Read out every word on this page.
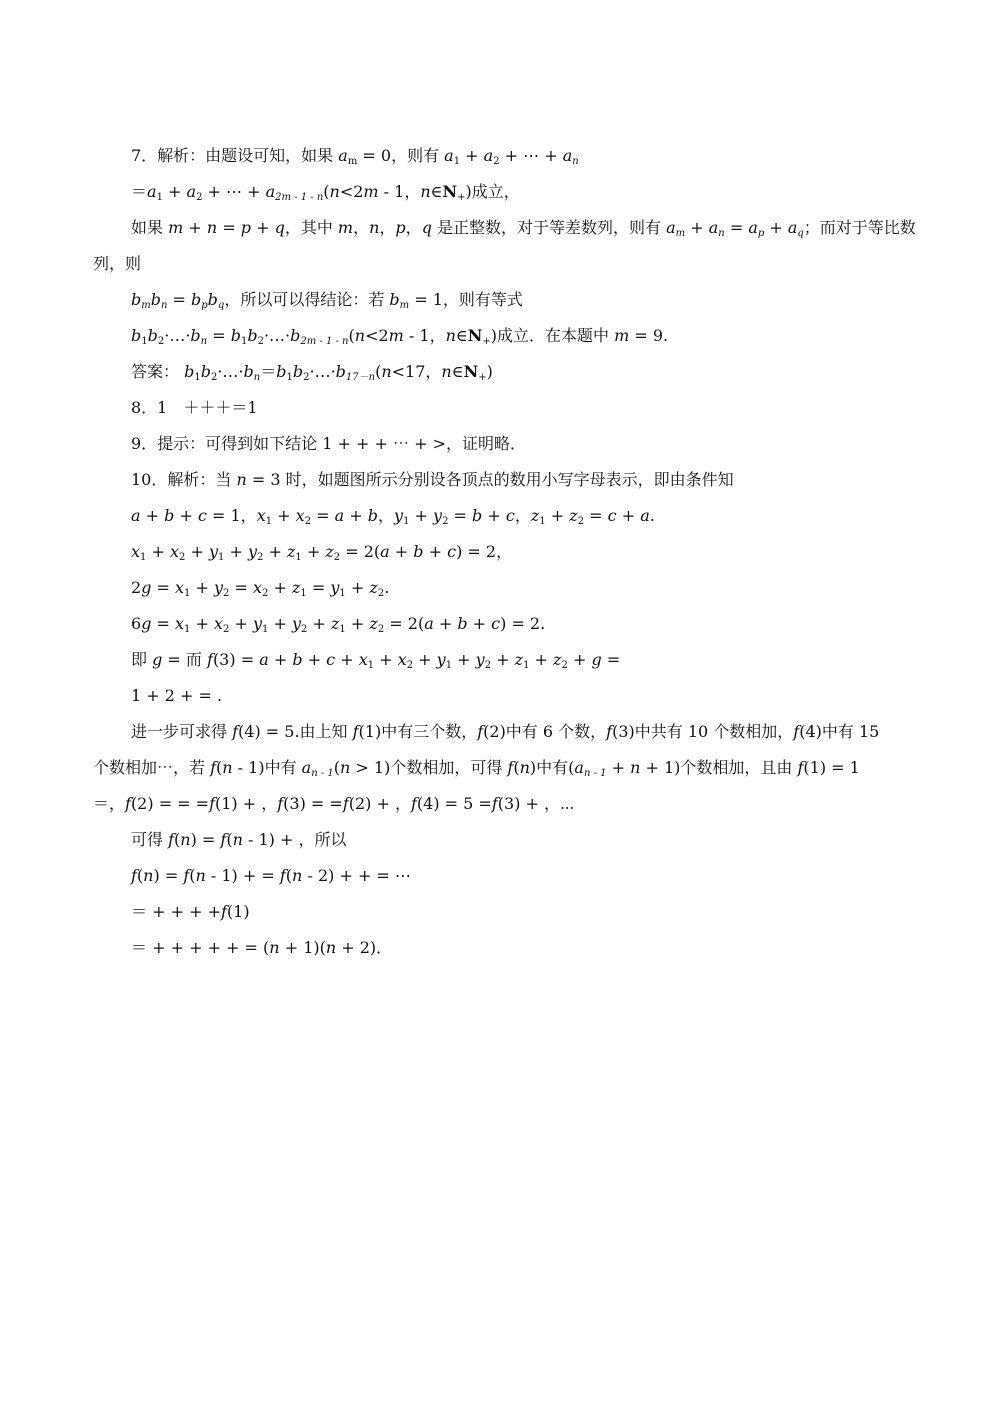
7．解析：由题设可知，如果 $a_m = 0$，则有 $a_1 + a_2$ + ⋯ + $a_n$
$=a_1 + a_2$ + ⋯ + $a_{2m - 1 - n}(n<2m - 1$，$n\in N_+$)成立，
如果 m + n = p + q，其中 m，n，p，q 是正整数，对于等差数列，则有 $a_m + a_n = a_p + a_q$；而对于等比数
列，则
$b_mb_n = b_pb_q$，所以可以得结论：若 $b_m = 1$，则有等式
$b_1b_2\cdot\dots\cdot b_n$ = $b_1b_2\cdot\dots\cdot b_{2m - 1 - n}(n<2m - 1$，$n\in N_+$)成立．在本题中 m = 9.
答案： $b_1b_2\cdot\dots\cdot b_n=b_1b_2\cdot\dots\cdot b_{17-n}(n<17$，$n\in N_+$)
8．1　＋＋＋＝1
9．提示：可得到如下结论 1 + + + ⋯ + >，证明略．
10．解析：当 n = 3 时，如题图所示分别设各顶点的数用小写字母表示，即由条件知
a + b + c = 1，$x_1 + x_2 = a + b$，$y_1 + y_2 = b + c$，$z_1 + z_2 = c + a$.
$x_1 + x_2 + y_1 + y_2 + z_1 + z_2 = 2(a + b + c) = 2$，
$2g = x_1 + y_2 = x_2 + z_1 = y_1 + z_2$.
$6g = x_1 + x_2 + y_1 + y_2 + z_1 + z_2 = 2(a + b + c) = 2$.
即 g = 而 $f(3) = a + b + c + x_1 + x_2 + y_1 + y_2 + z_1 + z_2 + g$ =
1 + 2 + = .
进一步可求得 f(4) = 5.由上知 f(1)中有三个数，f(2)中有 6 个数，f(3)中共有 10 个数相加，f(4)中有 15
个数相加⋯，若 f(n - 1)中有 $a_{n - 1}(n > 1)$个数相加，可得 f(n)中有$(a_{n - 1} + n + 1)$个数相加，且由 f(1) = 1
＝，f(2) = = =f(1) + ，f(3) = =f(2) + ，f(4) = 5 =f(3) + ，⋯
可得 f(n) = f(n - 1) + ，所以
f(n) = f(n - 1) + = f(n - 2) + + = ⋯
＝ + + + +f(1)
＝ + + + + + = (n + 1)(n + 2)．
